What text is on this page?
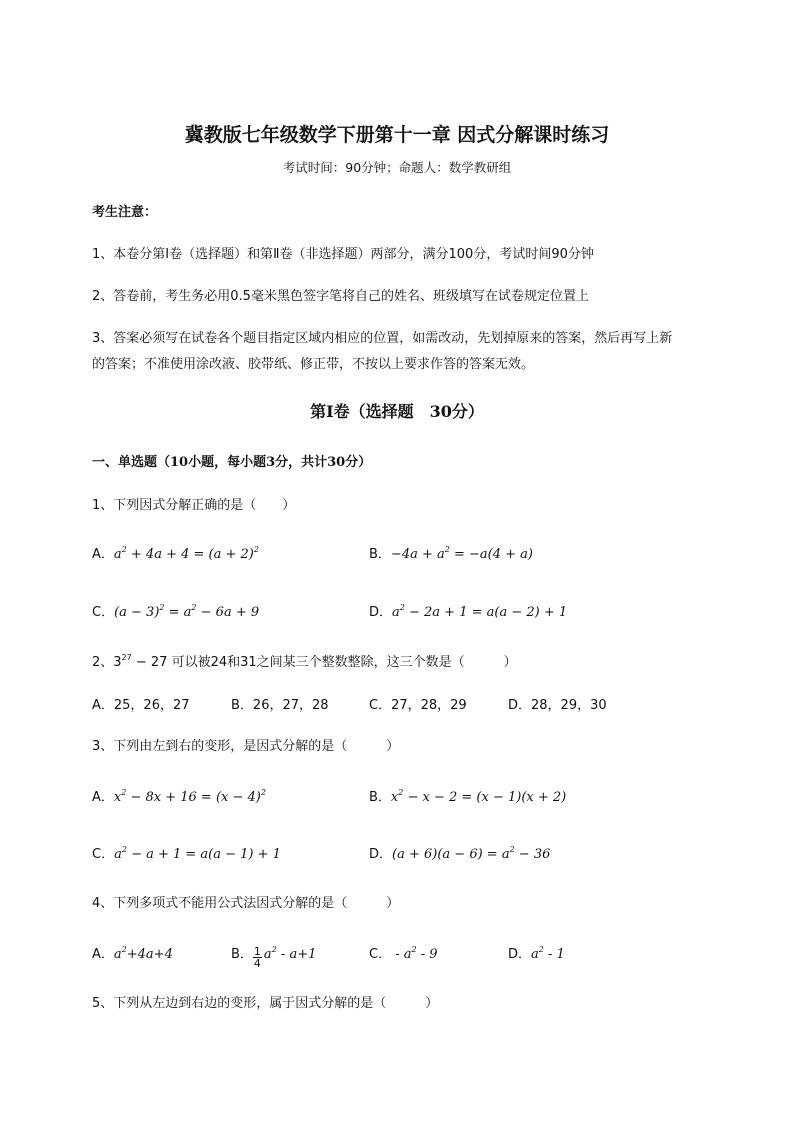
冀教版七年级数学下册第十一章 因式分解课时练习
考试时间：90分钟；命题人：数学教研组
考生注意：
1、本卷分第Ⅰ卷（选择题）和第Ⅱ卷（非选择题）两部分，满分100分，考试时间90分钟
2、答卷前，考生务必用0.5毫米黑色签字笔将自己的姓名、班级填写在试卷规定位置上
3、答案必须写在试卷各个题目指定区域内相应的位置，如需改动，先划掉原来的答案，然后再写上新
的答案；不准使用涂改液、胶带纸、修正带，不按以上要求作答的答案无效。
第Ⅰ卷（选择题　30分）
一、单选题（10小题，每小题3分，共计30分）
1、下列因式分解正确的是（　　）
A．$a^2 + 4a + 4 = (a + 2)^2$	B．$-4a + a^2 = -a(4 + a)$
C．$(a - 3)^2 = a^2 - 6a + 9$	D．$a^2 - 2a + 1 = a(a - 2) + 1$
2、$3^{27} - 27$ 可以被24和31之间某三个整数整除，这三个数是（　　　）
A．25，26，27	B．26，27，28	C．27，28，29	D．28，29，30
3、下列由左到右的变形，是因式分解的是（　　　）
A．$x^2 - 8x + 16 = (x - 4)^2$	B．$x^2 - x - 2 = (x - 1)(x + 2)$
C．$a^2 - a + 1 = a(a - 1) + 1$	D．$(a + 6)(a - 6) = a^2 - 36$
4、下列多项式不能用公式法因式分解的是（　　　）
A．$a^2+4a+4$	B． $\frac{1}{4} a^2 - a+1$	C． - $a^2 - 9$	D．$a^2 - 1$
5、下列从左边到右边的变形，属于因式分解的是（　　　）
